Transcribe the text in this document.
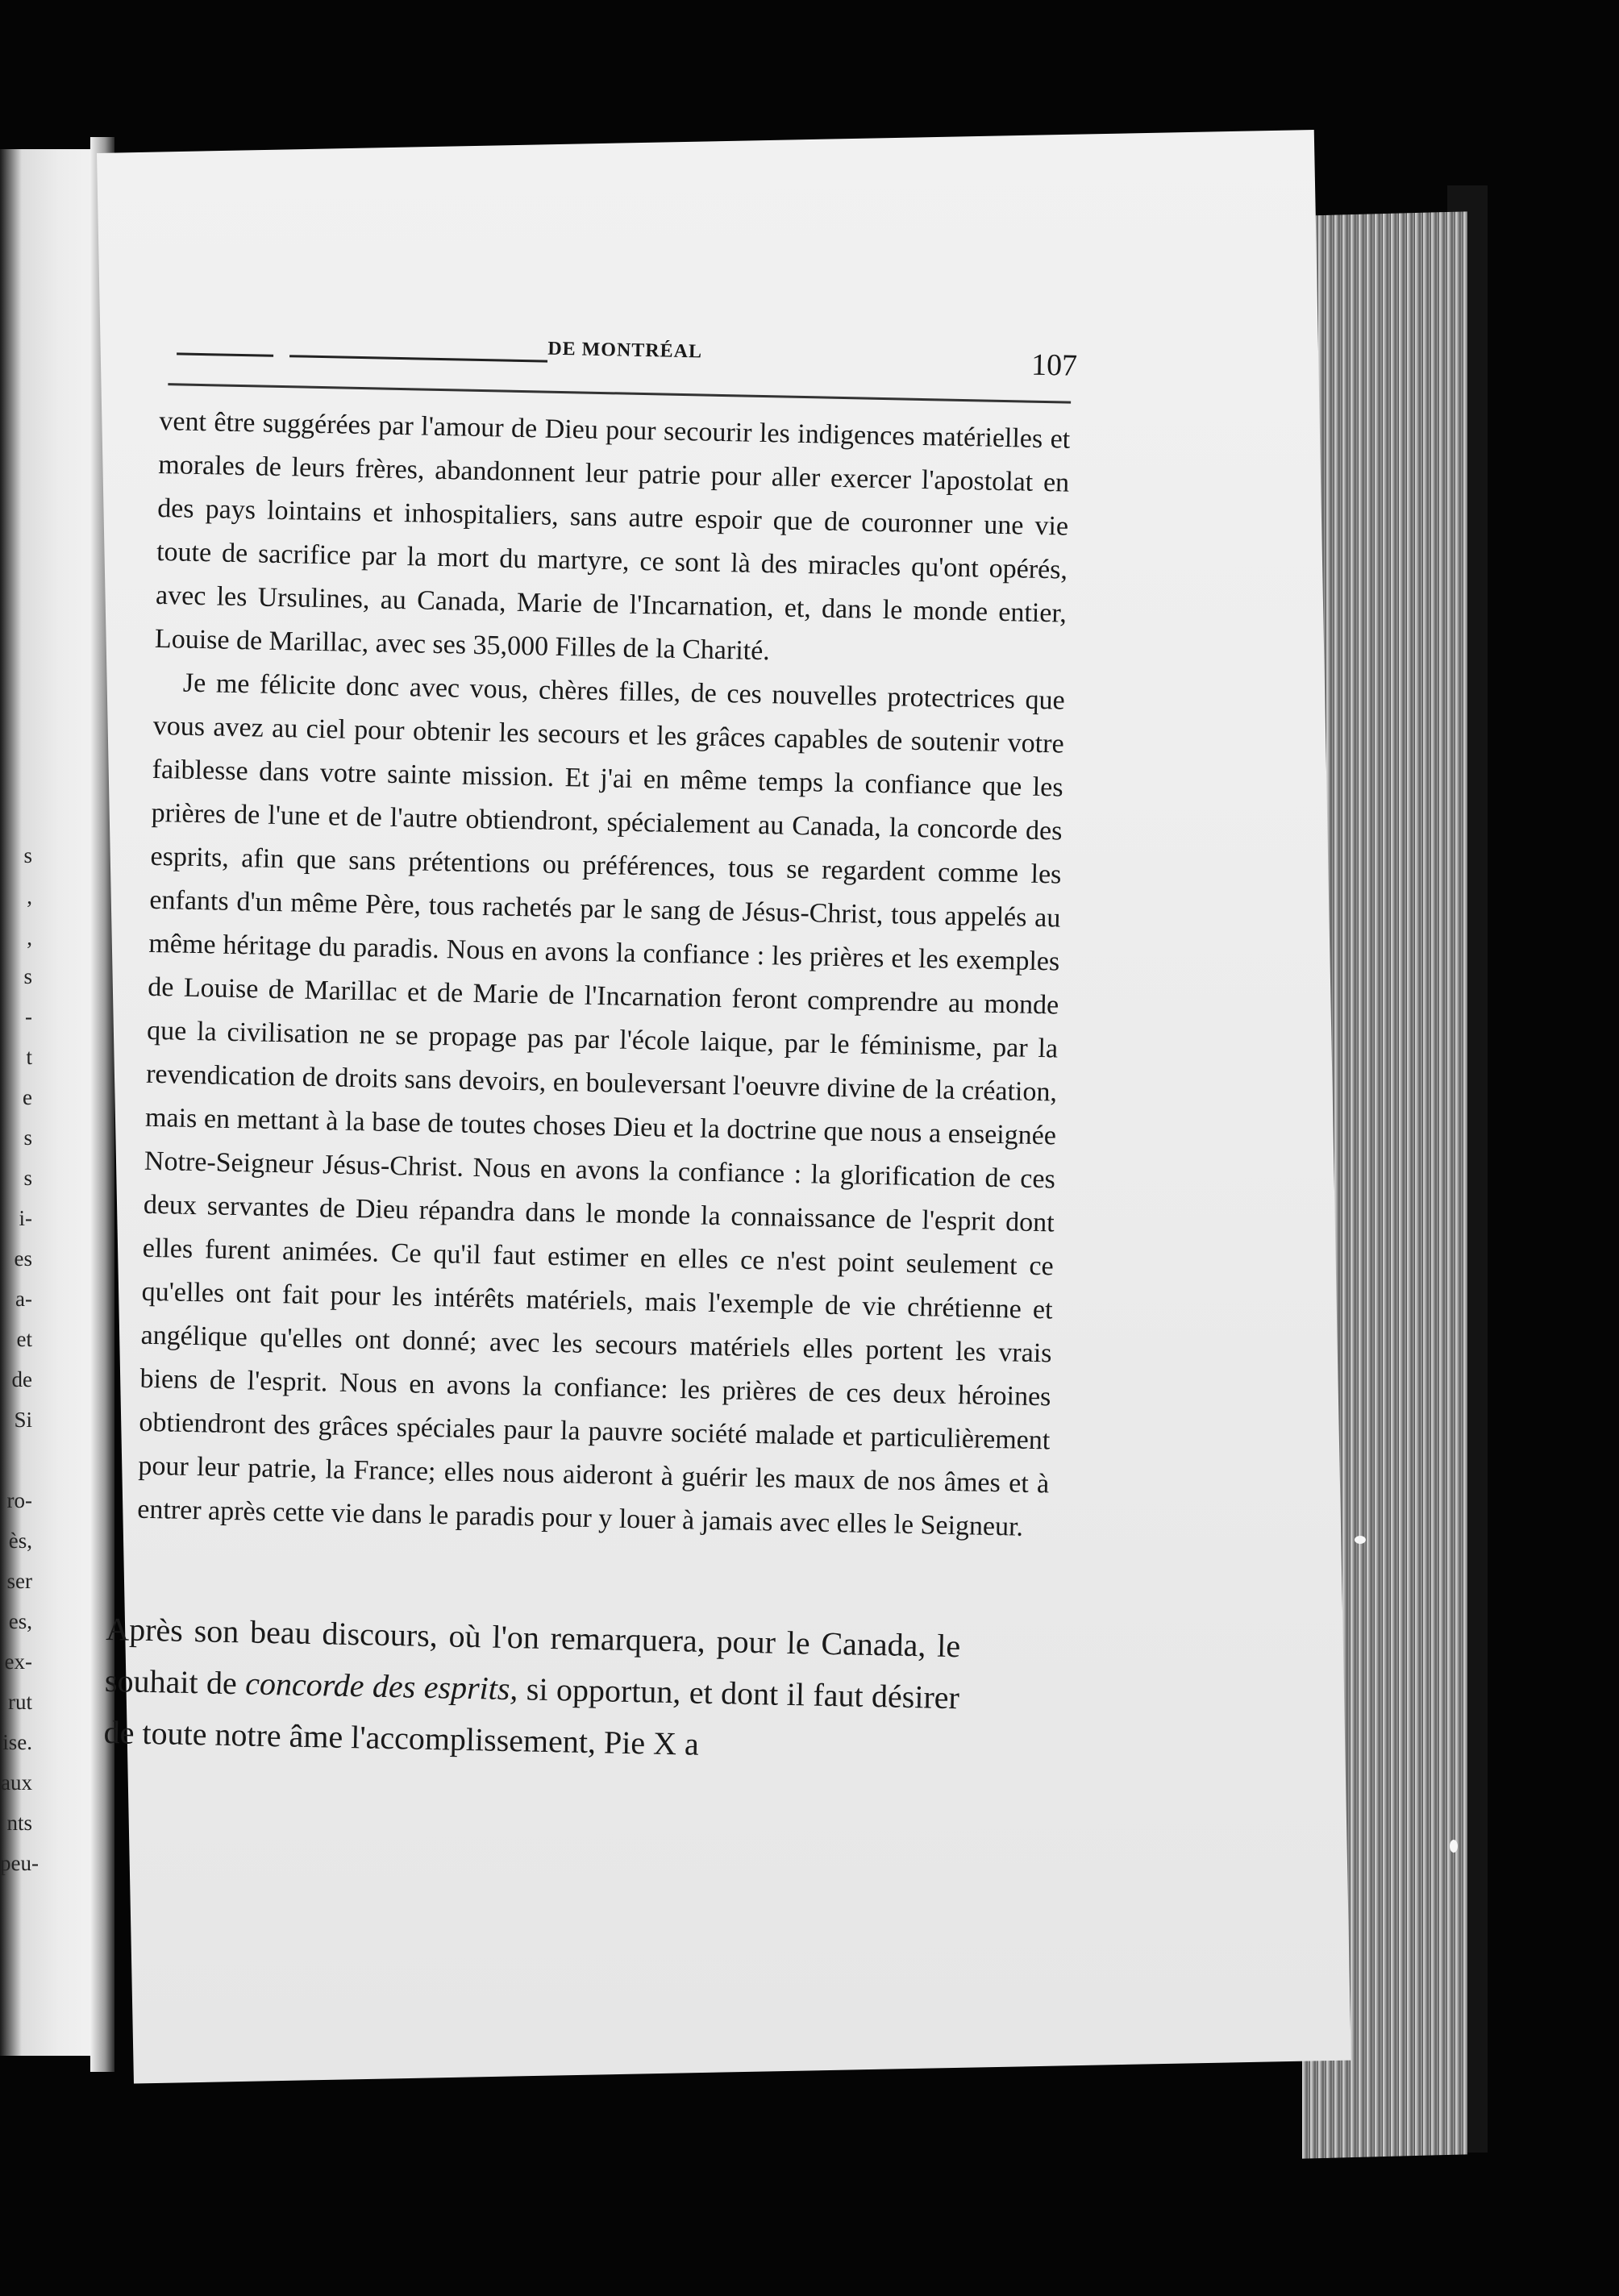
s
,
,
s
-
t
e
s
s
i-
es
a-
et
de
Si
ro-
ès,
ser
es,
ex-
rut
ise.
aux
nts
peu-
DE MONTRÉAL	107

vent être suggérées par l'amour de Dieu pour secourir les indigences matérielles et morales de leurs frères, abandonnent leur patrie pour aller exercer l'apostolat en des pays lointains et inhospitaliers, sans autre espoir que de couronner une vie toute de sacrifice par la mort du martyre, ce sont là des miracles qu'ont opérés, avec les Ursulines, au Canada, Marie de l'Incarnation, et, dans le monde entier, Louise de Marillac, avec ses 35,000 Filles de la Charité.

Je me félicite donc avec vous, chères filles, de ces nouvelles protectrices que vous avez au ciel pour obtenir les secours et les grâces capables de soutenir votre faiblesse dans votre sainte mission. Et j'ai en même temps la confiance que les prières de l'une et de l'autre obtiendront, spécialement au Canada, la concorde des esprits, afin que sans prétentions ou préférences, tous se regardent comme les enfants d'un même Père, tous rachetés par le sang de Jésus-Christ, tous appelés au même héritage du paradis. Nous en avons la confiance : les prières et les exemples de Louise de Marillac et de Marie de l'Incarnation feront comprendre au monde que la civilisation ne se propage pas par l'école laique, par le féminisme, par la revendication de droits sans devoirs, en bouleversant l'oeuvre divine de la création, mais en mettant à la base de toutes choses Dieu et la doctrine que nous a enseignée Notre-Seigneur Jésus-Christ. Nous en avons la confiance : la glorification de ces deux servantes de Dieu répandra dans le monde la connaissance de l'esprit dont elles furent animées. Ce qu'il faut estimer en elles ce n'est point seulement ce qu'elles ont fait pour les intérêts matériels, mais l'exemple de vie chrétienne et angélique qu'elles ont donné; avec les secours matériels elles portent les vrais biens de l'esprit. Nous en avons la confiance: les prières de ces deux héroines obtiendront des grâces spéciales paur la pauvre société malade et particulièrement pour leur patrie, la France; elles nous aideront à guérir les maux de nos âmes et à entrer après cette vie dans le paradis pour y louer à jamais avec elles le Seigneur.

Après son beau discours, où l'on remarquera, pour le Canada, le souhait de concorde des esprits, si opportun, et dont il faut désirer de toute notre âme l'accomplissement, Pie X a
